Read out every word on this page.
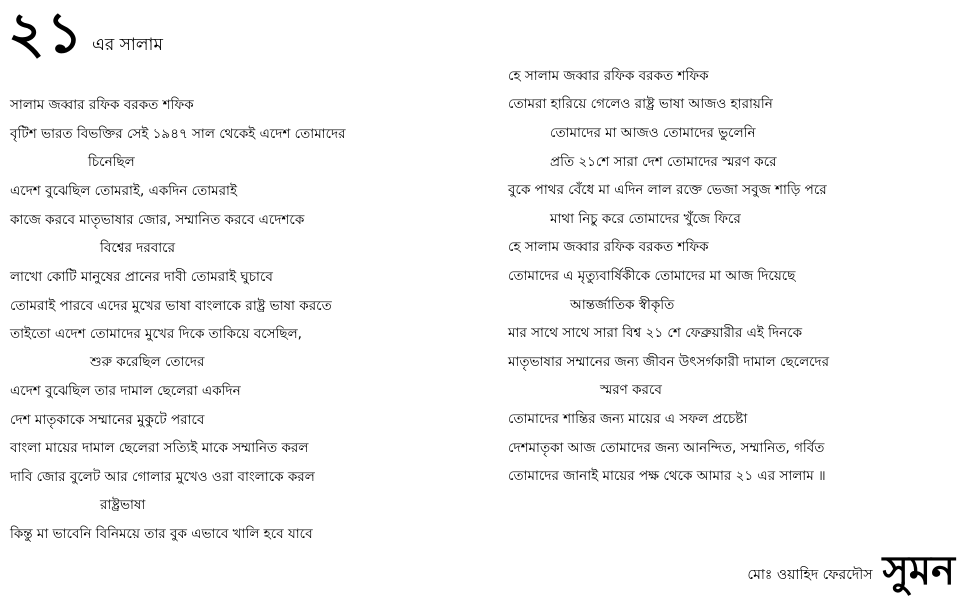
২১ এর সালাম
সালাম জব্বার রফিক বরকত শফিক
বৃটিশ ভারত বিভক্তির সেই ১৯৪৭ সাল থেকেই এদেশ তোমাদের
চিনেছিল
এদেশ বুঝেছিল তোমরাই, একদিন তোমরাই
কাজে করবে মাতৃভাষার জোর, সম্মানিত করবে এদেশকে
বিশ্বের দরবারে
লাখো কোটি মানুষের প্রানের দাবী তোমরাই ঘুচাবে
তোমরাই পারবে এদের মুখের ভাষা বাংলাকে রাষ্ট্র ভাষা করতে
তাইতো এদেশ তোমাদের মুখের দিকে তাকিয়ে বসেছিল,
শুরু করেছিল তোদের
এদেশ বুঝেছিল তার দামাল ছেলেরা একদিন
দেশ মাতৃকাকে সম্মানের মুকুটে পরাবে
বাংলা মায়ের দামাল ছেলেরা সত্যিই মাকে সম্মানিত করল
দাবি জোর বুলেট আর গোলার মুখেও ওরা বাংলাকে করল
রাষ্ট্রভাষা
কিন্তু মা ভাবেনি বিনিময়ে তার বুক এভাবে খালি হবে যাবে
হে সালাম জব্বার রফিক বরকত শফিক
তোমরা হারিয়ে গেলেও রাষ্ট্র ভাষা আজও হারায়নি
তোমাদের মা আজও তোমাদের ভুলেনি
প্রতি ২১শে সারা দেশ তোমাদের স্মরণ করে
বুকে পাথর বেঁধে মা এদিন লাল রক্তে ভেজা সবুজ শাড়ি পরে
মাথা নিচু করে তোমাদের খুঁজে ফিরে
হে সালাম জব্বার রফিক বরকত শফিক
তোমাদের এ মৃত্যুবার্ষিকীকে তোমাদের মা আজ দিয়েছে
আন্তর্জাতিক স্বীকৃতি
মার সাথে সাথে সারা বিশ্ব ২১ শে ফেব্রুয়ারীর এই দিনকে
মাতৃভাষার সম্মানের জন্য জীবন উৎসর্গকারী দামাল ছেলেদের
স্মরণ করবে
তোমাদের শান্তির জন্য মায়ের এ সফল প্রচেষ্টা
দেশমাতৃকা আজ তোমাদের জন্য আনন্দিত, সম্মানিত, গর্বিত
তোমাদের জানাই মায়ের পক্ষ থেকে আমার ২১ এর সালাম ॥
মোঃ ওয়াহিদ ফেরদৌস সুমন
